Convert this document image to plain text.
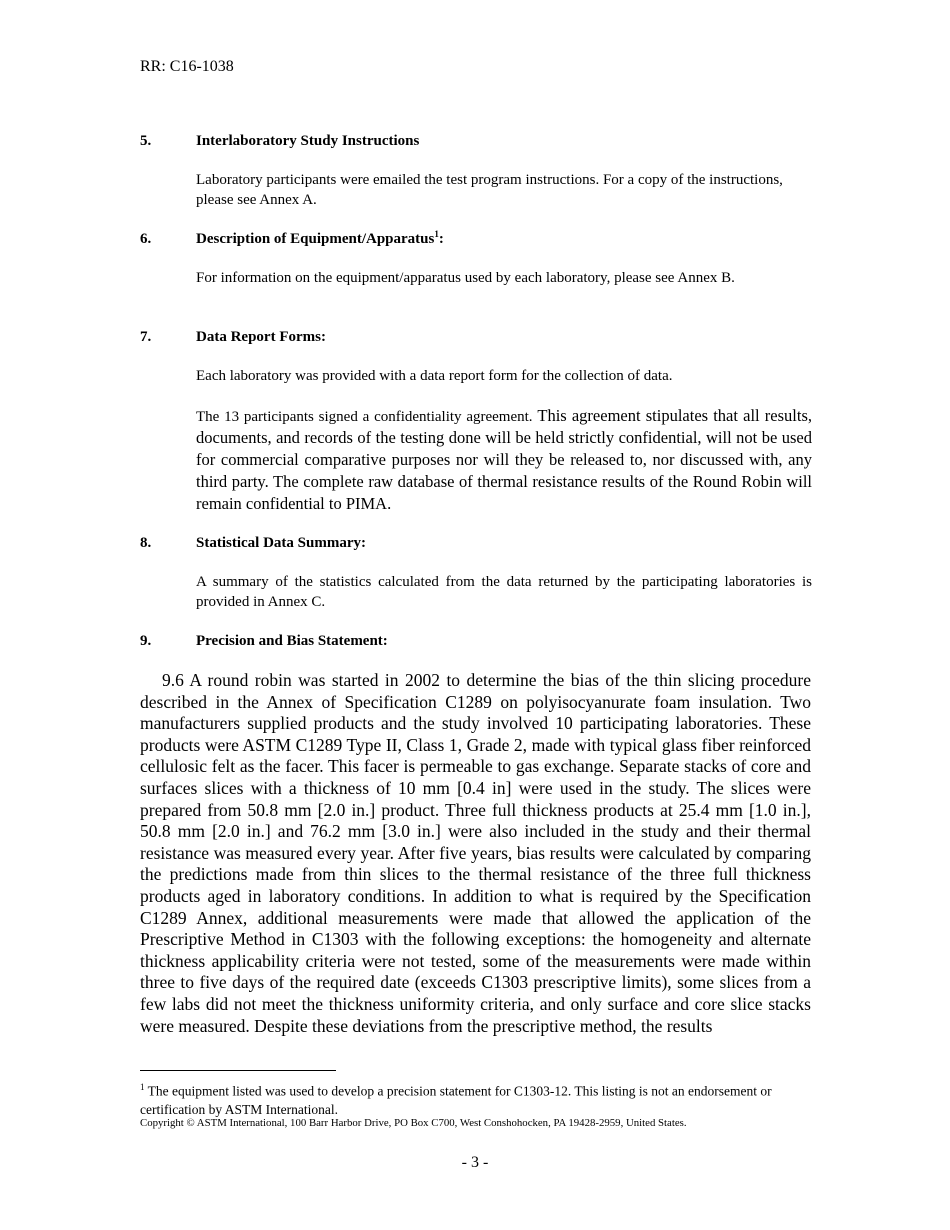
RR: C16-1038
5.	Interlaboratory Study Instructions
Laboratory participants were emailed the test program instructions. For a copy of the instructions, please see Annex A.
6.	Description of Equipment/Apparatus$^1$:
For information on the equipment/apparatus used by each laboratory, please see Annex B.
7.	Data Report Forms:
Each laboratory was provided with a data report form for the collection of data.
The 13 participants signed a confidentiality agreement. This agreement stipulates that all results, documents, and records of the testing done will be held strictly confidential, will not be used for commercial comparative purposes nor will they be released to, nor discussed with, any third party. The complete raw database of thermal resistance results of the Round Robin will remain confidential to PIMA.
8.	Statistical Data Summary:
A summary of the statistics calculated from the data returned by the participating laboratories is provided in Annex C.
9.	Precision and Bias Statement:
9.6 A round robin was started in 2002 to determine the bias of the thin slicing procedure described in the Annex of Specification C1289 on polyisocyanurate foam insulation. Two manufacturers supplied products and the study involved 10 participating laboratories. These products were ASTM C1289 Type II, Class 1, Grade 2, made with typical glass fiber reinforced cellulosic felt as the facer. This facer is permeable to gas exchange. Separate stacks of core and surfaces slices with a thickness of 10 mm [0.4 in] were used in the study. The slices were prepared from 50.8 mm [2.0 in.] product. Three full thickness products at 25.4 mm [1.0 in.], 50.8 mm [2.0 in.] and 76.2 mm [3.0 in.] were also included in the study and their thermal resistance was measured every year. After five years, bias results were calculated by comparing the predictions made from thin slices to the thermal resistance of the three full thickness products aged in laboratory conditions. In addition to what is required by the Specification C1289 Annex, additional measurements were made that allowed the application of the Prescriptive Method in C1303 with the following exceptions: the homogeneity and alternate thickness applicability criteria were not tested, some of the measurements were made within three to five days of the required date (exceeds C1303 prescriptive limits), some slices from a few labs did not meet the thickness uniformity criteria, and only surface and core slice stacks were measured. Despite these deviations from the prescriptive method, the results
$^1$ The equipment listed was used to develop a precision statement for C1303-12. This listing is not an endorsement or certification by ASTM International.
Copyright © ASTM International, 100 Barr Harbor Drive, PO Box C700, West Conshohocken, PA 19428-2959, United States.
- 3 -
